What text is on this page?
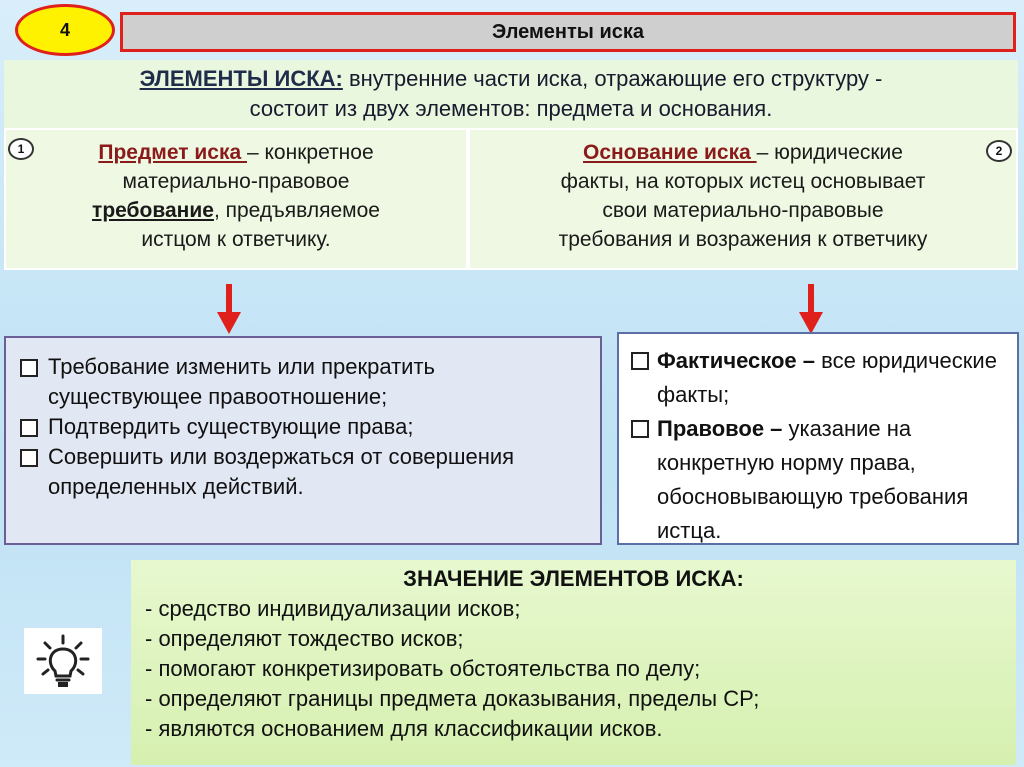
4	Элементы иска
ЭЛЕМЕНТЫ ИСКА: внутренние части иска, отражающие его структуру -
состоит из двух элементов: предмета и основания.
Предмет иска – конкретное
материально-правовое
требование, предъявляемое
истцом к ответчику.
1	Основание иска – юридические
факты, на которых истец основывает
свои материально-правовые
требования и возражения к ответчику
2
Требование изменить или прекратить существующее правоотношение;
Подтвердить существующие права;
Совершить или воздержаться от совершения определенных действий.
Фактическое – все юридические факты;
Правовое – указание на конкретную норму права, обосновывающую требования истца.
ЗНАЧЕНИЕ ЭЛЕМЕНТОВ ИСКА:
- средство индивидуализации исков;
- определяют тождество исков;
- помогают конкретизировать обстоятельства по делу;
- определяют границы предмета доказывания, пределы СР;
- являются основанием для классификации исков.
